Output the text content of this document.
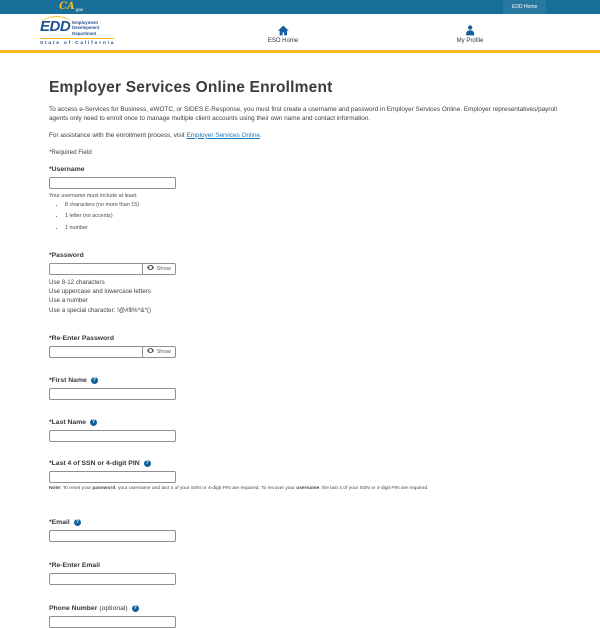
CA .gov	EDD Home
EDD Employment
Development
Department
State of California	ESO Home	My Profile
Employer Services Online Enrollment

To access e-Services for Business, eWOTC, or SIDES E-Response, you must first create a username and password in Employer Services Online. Employer representatives/payroll agents only need to enroll once to manage multiple client accounts using their own name and contact information.

For assistance with the enrollment process, visit Employer Services Online.

*Required Field

*Username
Your username must include at least:
• 8 characters (no more than 15)
• 1 letter (no accents)
• 1 number
*Password
Show
Use 8-12 characters
Use uppercase and lowercase letters
Use a number
Use a special character: !@#$%^&*()
*Re-Enter Password
Show
*First Name
?
*Last Name
?
*Last 4 of SSN or 4-digit PIN
?
Note: To reset your password, your username and last 4 of your SSN or 4-digit PIN are required. To recover your username, the last 4 of your SSN or 4-digit PIN are required.
*Email
?
*Re-Enter Email
Phone Number (optional)
?
